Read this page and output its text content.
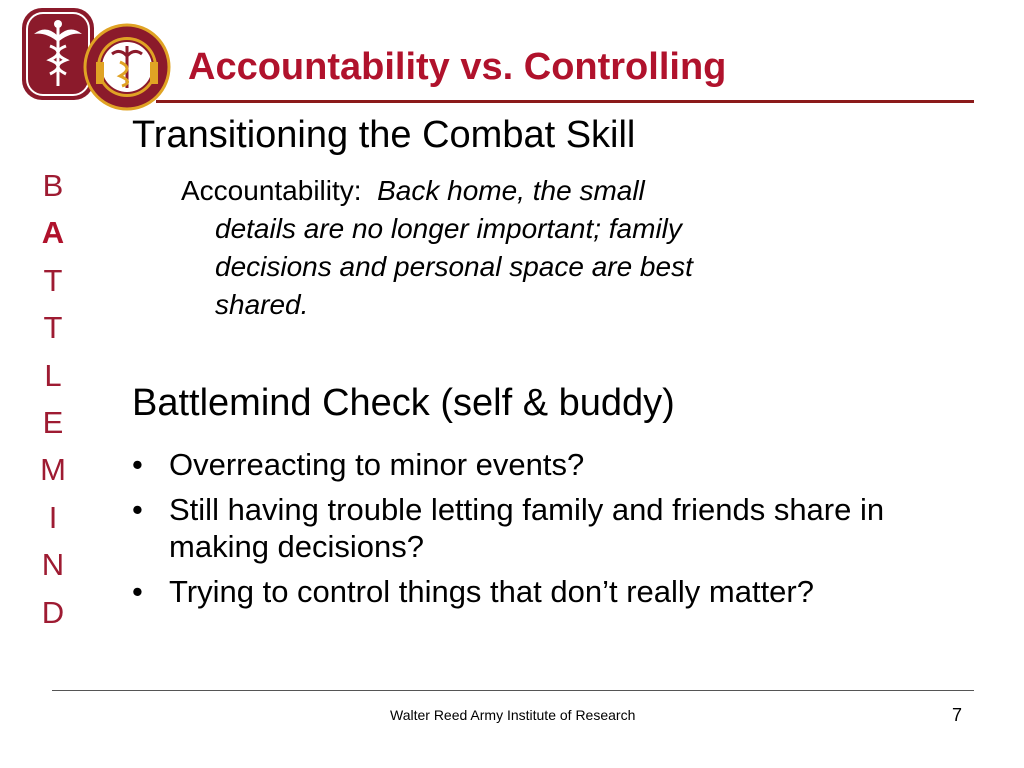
Accountability vs. Controlling
B
A
T
T
L
E
M
I
N
D
Transitioning the Combat Skill
Accountability: Back home, the small
details are no longer important; family
decisions and personal space are best
shared.
Battlemind Check (self & buddy)
• Overreacting to minor events?
• Still having trouble letting family and friends share in making decisions?
• Trying to control things that don’t really matter?
Walter Reed Army Institute of Research	7
